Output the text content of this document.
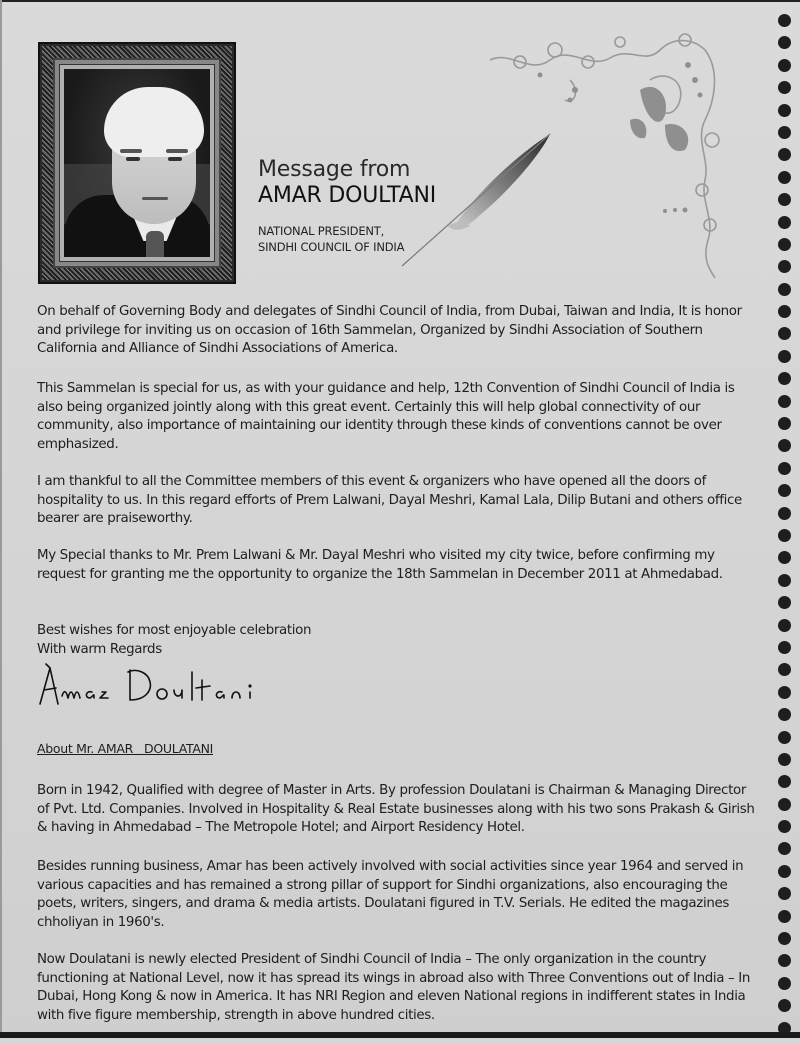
Message from
AMAR DOULTANI
NATIONAL PRESIDENT,
SINDHI COUNCIL OF INDIA

On behalf of Governing Body and delegates of Sindhi Council of India, from Dubai, Taiwan and India, It is honor and privilege for inviting us on occasion of 16th Sammelan, Organized by Sindhi Association of Southern California and Alliance of Sindhi Associations of America.

This Sammelan is special for us, as with your guidance and help, 12th Convention of Sindhi Council of India is also being organized jointly along with this great event. Certainly this will help global connectivity of our community, also importance of maintaining our identity through these kinds of conventions cannot be over emphasized.

I am thankful to all the Committee members of this event & organizers who have opened all the doors of hospitality to us. In this regard efforts of Prem Lalwani, Dayal Meshri, Kamal Lala, Dilip Butani and others office bearer are praiseworthy.

My Special thanks to Mr. Prem Lalwani & Mr. Dayal Meshri who visited my city twice, before confirming my request for granting me the opportunity to organize the 18th Sammelan in December 2011 at Ahmedabad.

Best wishes for most enjoyable celebration

With warm Regards

About Mr. AMAR   DOULATANI

Born in 1942, Qualified with degree of Master in Arts. By profession Doulatani is Chairman & Managing Director of Pvt. Ltd. Companies. Involved in Hospitality & Real Estate businesses along with his two sons Prakash & Girish & having in Ahmedabad – The Metropole Hotel; and Airport Residency Hotel.

Besides running business, Amar has been actively involved with social activities since year 1964 and served in various capacities and has remained a strong pillar of support for Sindhi organizations, also encouraging the poets, writers, singers, and drama & media artists. Doulatani figured in T.V. Serials. He edited the magazines chholiyan in 1960's.

Now Doulatani is newly elected President of Sindhi Council of India – The only organization in the country functioning at National Level, now it has spread its wings in abroad also with Three Conventions out of India – In Dubai, Hong Kong & now in America. It has NRI Region and eleven National regions in indifferent states in India with five figure membership, strength in above hundred cities.
